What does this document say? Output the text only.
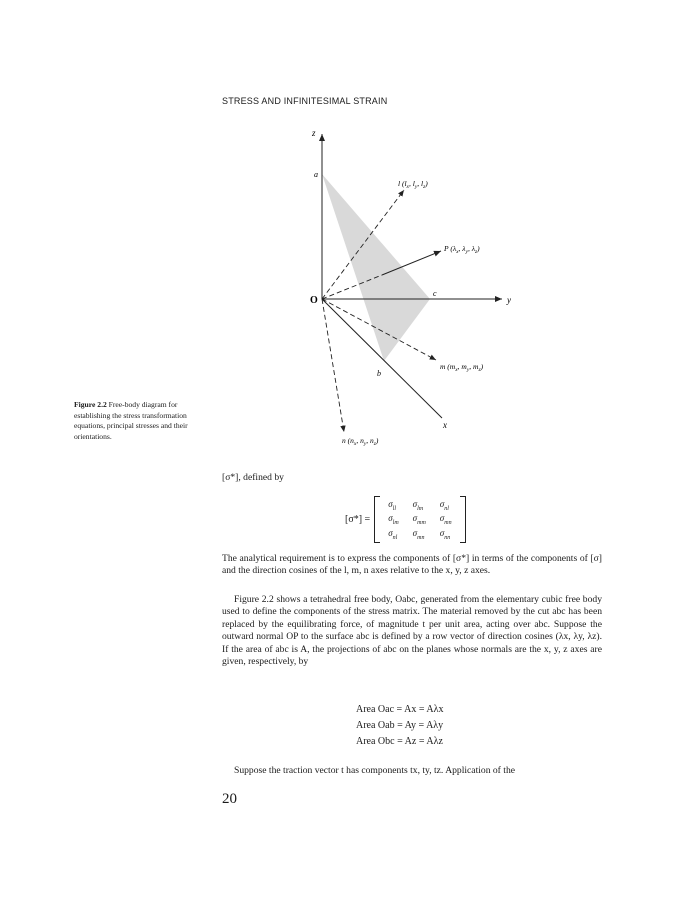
STRESS AND INFINITESIMAL STRAIN
z
a
O
c
y
b
x
l ($l_x$, $l_y$, $l_z$)
P ($\lambda_x$, $\lambda_y$, $\lambda_z$)
m ($m_x$, $m_y$, $m_z$)
n ($n_x$, $n_y$, $n_z$)
Figure 2.2 Free-body diagram for establishing the stress transformation equations, principal stresses and their orientations.
[σ*], defined by
[σ*] =		
$\sigma_{ll}$	$\sigma_{lm}$	$\sigma_{nl}$
$\sigma_{lm}$	$\sigma_{mm}$	$\sigma_{mn}$
$\sigma_{nl}$	$\sigma_{mn}$	$\sigma_{nn}$

The analytical requirement is to express the components of [σ*] in terms of the components of [σ] and the direction cosines of the l, m, n axes relative to the x, y, z axes.
Figure 2.2 shows a tetrahedral free body, Oabc, generated from the elementary cubic free body used to define the components of the stress matrix. The material removed by the cut abc has been replaced by the equilibrating force, of magnitude t per unit area, acting over abc. Suppose the outward normal OP to the surface abc is defined by a row vector of direction cosines (λx, λy, λz). If the area of abc is A, the projections of abc on the planes whose normals are the x, y, z axes are given, respectively, by
Area Oac = Ax = Aλx
Area Oab = Ay = Aλy
Area Obc = Az = Aλz
Suppose the traction vector t has components tx, ty, tz. Application of the
20
